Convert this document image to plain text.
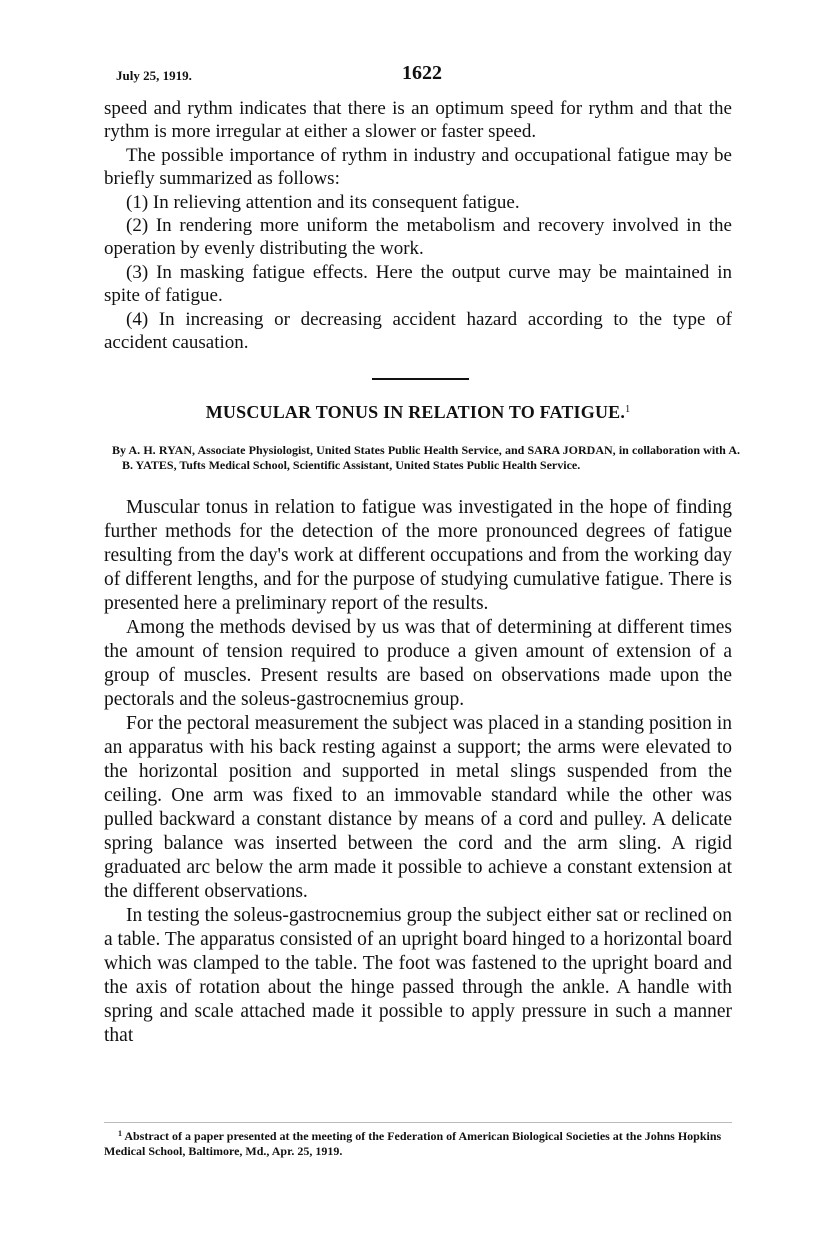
July 25, 1919.	1622

speed and rythm indicates that there is an optimum speed for rythm and that the rythm is more irregular at either a slower or faster speed.

The possible importance of rythm in industry and occupational fatigue may be briefly summarized as follows:

(1) In relieving attention and its consequent fatigue.

(2) In rendering more uniform the metabolism and recovery involved in the operation by evenly distributing the work.

(3) In masking fatigue effects. Here the output curve may be maintained in spite of fatigue.

(4) In increasing or decreasing accident hazard according to the type of accident causation.

MUSCULAR TONUS IN RELATION TO FATIGUE.$^1$
By A. H. RYAN, Associate Physiologist, United States Public Health Service, and SARA JORDAN, in collaboration with A. B. YATES, Tufts Medical School, Scientific Assistant, United States Public Health Service.

Muscular tonus in relation to fatigue was investigated in the hope of finding further methods for the detection of the more pronounced degrees of fatigue resulting from the day's work at different occupations and from the working day of different lengths, and for the purpose of studying cumulative fatigue. There is presented here a preliminary report of the results.

Among the methods devised by us was that of determining at different times the amount of tension required to produce a given amount of extension of a group of muscles. Present results are based on observations made upon the pectorals and the soleus-gastrocnemius group.

For the pectoral measurement the subject was placed in a standing position in an apparatus with his back resting against a support; the arms were elevated to the horizontal position and supported in metal slings suspended from the ceiling. One arm was fixed to an immovable standard while the other was pulled backward a constant distance by means of a cord and pulley. A delicate spring balance was inserted between the cord and the arm sling. A rigid graduated arc below the arm made it possible to achieve a constant extension at the different observations.

In testing the soleus-gastrocnemius group the subject either sat or reclined on a table. The apparatus consisted of an upright board hinged to a horizontal board which was clamped to the table. The foot was fastened to the upright board and the axis of rotation about the hinge passed through the ankle. A handle with spring and scale attached made it possible to apply pressure in such a manner that

$^1$ Abstract of a paper presented at the meeting of the Federation of American Biological Societies at the Johns Hopkins Medical School, Baltimore, Md., Apr. 25, 1919.
